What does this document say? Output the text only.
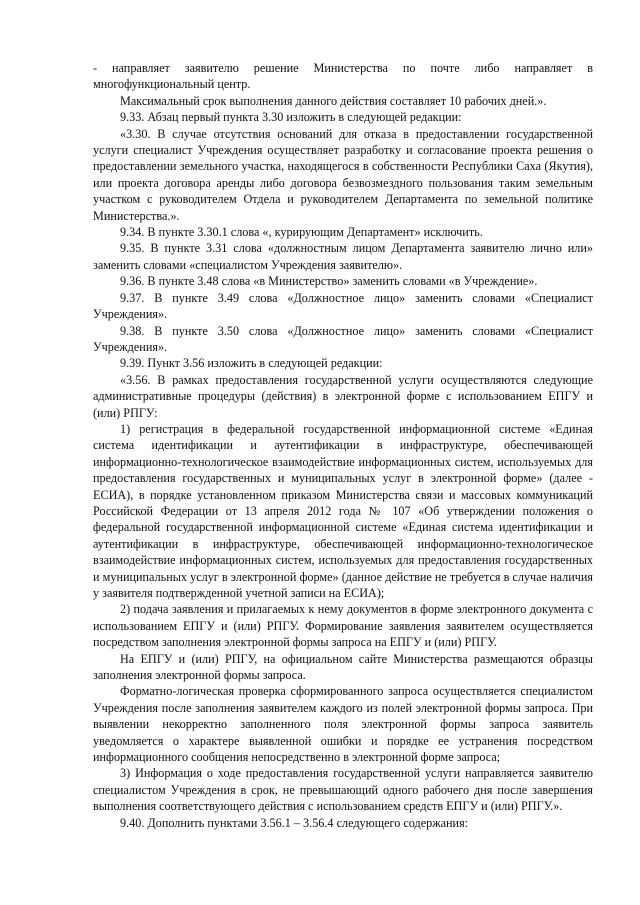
- направляет заявителю решение Министерства по почте либо направляет в многофункциональный центр.

Максимальный срок выполнения данного действия составляет 10 рабочих дней.».

9.33. Абзац первый пункта 3.30 изложить в следующей редакции:

«3.30. В случае отсутствия оснований для отказа в предоставлении государственной услуги специалист Учреждения осуществляет разработку и согласование проекта решения о предоставлении земельного участка, находящегося в собственности Республики Саха (Якутия), или проекта договора аренды либо договора безвозмездного пользования таким земельным участком с руководителем Отдела и руководителем Департамента по земельной политике Министерства.».

9.34. В пункте 3.30.1 слова «, курирующим Департамент» исключить.

9.35. В пункте 3.31 слова «должностным лицом Департамента заявителю лично или» заменить словами «специалистом Учреждения заявителю».

9.36. В пункте 3.48 слова «в Министерство» заменить словами «в Учреждение».

9.37. В пункте 3.49 слова «Должностное лицо» заменить словами «Специалист Учреждения».

9.38. В пункте 3.50 слова «Должностное лицо» заменить словами «Специалист Учреждения».

9.39. Пункт 3.56 изложить в следующей редакции:

«3.56. В рамках предоставления государственной услуги осуществляются следующие административные процедуры (действия) в электронной форме с использованием ЕПГУ и (или) РПГУ:

1) регистрация в федеральной государственной информационной системе «Единая система идентификации и аутентификации в инфраструктуре, обеспечивающей информационно-технологическое взаимодействие информационных систем, используемых для предоставления государственных и муниципальных услуг в электронной форме» (далее - ЕСИА), в порядке установленном приказом Министерства связи и массовых коммуникаций Российской Федерации от 13 апреля 2012 года № 107 «Об утверждении положения о федеральной государственной информационной системе «Единая система идентификации и аутентификации в инфраструктуре, обеспечивающей информационно-технологическое взаимодействие информационных систем, используемых для предоставления государственных и муниципальных услуг в электронной форме» (данное действие не требуется в случае наличия у заявителя подтвержденной учетной записи на ЕСИА);

2) подача заявления и прилагаемых к нему документов в форме электронного документа с использованием ЕПГУ и (или) РПГУ. Формирование заявления заявителем осуществляется посредством заполнения электронной формы запроса на ЕПГУ и (или) РПГУ.

На ЕПГУ и (или) РПГУ, на официальном сайте Министерства размещаются образцы заполнения электронной формы запроса.

Форматно-логическая проверка сформированного запроса осуществляется специалистом Учреждения после заполнения заявителем каждого из полей электронной формы запроса. При выявлении некорректно заполненного поля электронной формы запроса заявитель уведомляется о характере выявленной ошибки и порядке ее устранения посредством информационного сообщения непосредственно в электронной форме запроса;

3) Информация о ходе предоставления государственной услуги направляется заявителю специалистом Учреждения в срок, не превышающий одного рабочего дня после завершения выполнения соответствующего действия с использованием средств ЕПГУ и (или) РПГУ.».

9.40. Дополнить пунктами 3.56.1 – 3.56.4 следующего содержания:
